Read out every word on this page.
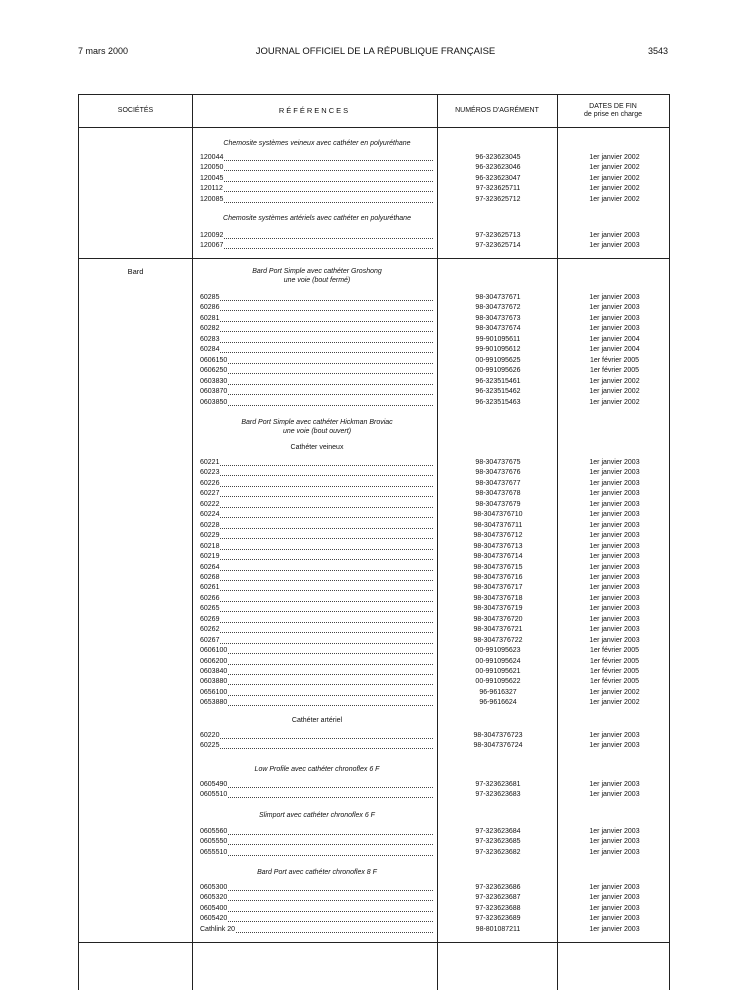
7 mars 2000	JOURNAL OFFICIEL DE LA RÉPUBLIQUE FRANÇAISE	3543
SOCIÉTÉS	RÉFÉRENCES	NUMÉROS D'AGRÉMENT
DATES DE FIN
de prise en charge
Bard
Chemosite systèmes veineux avec cathéter en polyuréthane
Chemosite systèmes artériels avec cathéter en polyuréthane
Bard Port Simple avec cathéter Groshong
une voie (bout fermé)
Bard Port Simple avec cathéter Hickman Broviac
une voie (bout ouvert)
Cathéter veineux
Cathéter artériel
Low Profile avec cathéter chronoflex 6 F
Slimport avec cathéter chronoflex 6 F
Bard Port avec cathéter chronoflex 8 F
120044	96-323623045	1er janvier 2002
120050	96-323623046	1er janvier 2002
120045	96-323623047	1er janvier 2002
120112	97-323625711	1er janvier 2002
120085	97-323625712	1er janvier 2002
120092	97-323625713	1er janvier 2003
120067	97-323625714	1er janvier 2003
60285	98-304737671	1er janvier 2003
60286	98-304737672	1er janvier 2003
60281	98-304737673	1er janvier 2003
60282	98-304737674	1er janvier 2003
60283	99-901095611	1er janvier 2004
60284	99-901095612	1er janvier 2004
0606150	00-991095625	1er février 2005
0606250	00-991095626	1er février 2005
0603830	96-323515461	1er janvier 2002
0603870	96-323515462	1er janvier 2002
0603850	96-323515463	1er janvier 2002
60221	98-304737675	1er janvier 2003
60223	98-304737676	1er janvier 2003
60226	98-304737677	1er janvier 2003
60227	98-304737678	1er janvier 2003
60222	98-304737679	1er janvier 2003
60224	98-3047376710	1er janvier 2003
60228	98-3047376711	1er janvier 2003
60229	98-3047376712	1er janvier 2003
60218	98-3047376713	1er janvier 2003
60219	98-3047376714	1er janvier 2003
60264	98-3047376715	1er janvier 2003
60268	98-3047376716	1er janvier 2003
60261	98-3047376717	1er janvier 2003
60266	98-3047376718	1er janvier 2003
60265	98-3047376719	1er janvier 2003
60269	98-3047376720	1er janvier 2003
60262	98-3047376721	1er janvier 2003
60267	98-3047376722	1er janvier 2003
0606100	00-991095623	1er février 2005
0606200	00-991095624	1er février 2005
0603840	00-991095621	1er février 2005
0603880	00-991095622	1er février 2005
0656100	96-9616327	1er janvier 2002
0653880	96-9616624	1er janvier 2002
60220	98-3047376723	1er janvier 2003
60225	98-3047376724	1er janvier 2003
0605490	97-323623681	1er janvier 2003
0605510	97-323623683	1er janvier 2003
0605560	97-323623684	1er janvier 2003
0605550	97-323623685	1er janvier 2003
0655510	97-323623682	1er janvier 2003
0605300	97-323623686	1er janvier 2003
0605320	97-323623687	1er janvier 2003
0605400	97-323623688	1er janvier 2003
0605420	97-323623689	1er janvier 2003
Cathlink 20	98-801087211	1er janvier 2003
